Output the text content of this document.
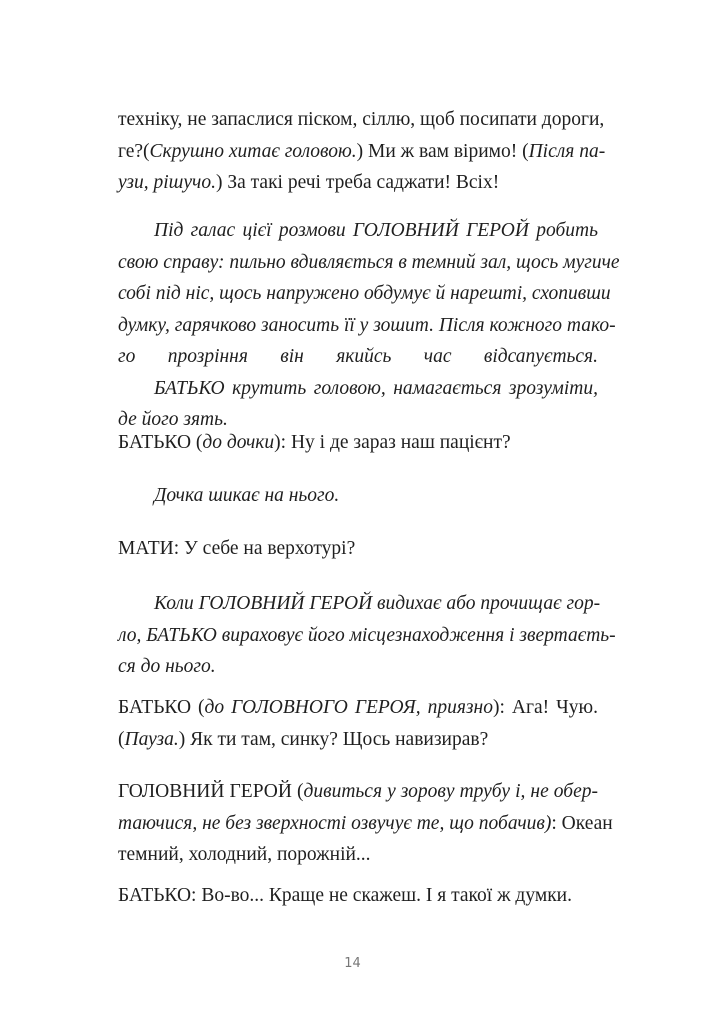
техніку, не запаслися піском, сіллю, щоб посипати дороги,
ге?(Скрушно хитає головою.) Ми ж вам віримо! (Після па-
узи, рішучо.) За такі речі треба саджати! Всіх!
Під галас цієї розмови ГОЛОВНИЙ ГЕРОЙ робить
свою справу: пильно вдивляється в темний зал, щось мугиче
собі під ніс, щось напружено обдумує й нарешті, схопивши
думку, гарячково заносить її у зошит. Після кожного тако-
го прозріння він якийсь час відсапується.
БАТЬКО крутить головою, намагається зрозуміти,
де його зять.
БАТЬКО (до дочки): Ну і де зараз наш пацієнт?
Дочка шикає на нього.
МАТИ: У себе на верхотурі?
Коли ГОЛОВНИЙ ГЕРОЙ видихає або прочищає гор-
ло, БАТЬКО вираховує його місцезнаходження і звертаєть-
ся до нього.
БАТЬКО (до ГОЛОВНОГО ГЕРОЯ, приязно): Ага! Чую.
(Пауза.) Як ти там, синку? Щось навизирав?
ГОЛОВНИЙ ГЕРОЙ (дивиться у зорову трубу і, не обер-
таючися, не без зверхності озвучує те, що побачив): Океан
темний, холодний, порожній...
БАТЬКО: Во-во... Краще не скажеш. І я такої ж думки.
14
